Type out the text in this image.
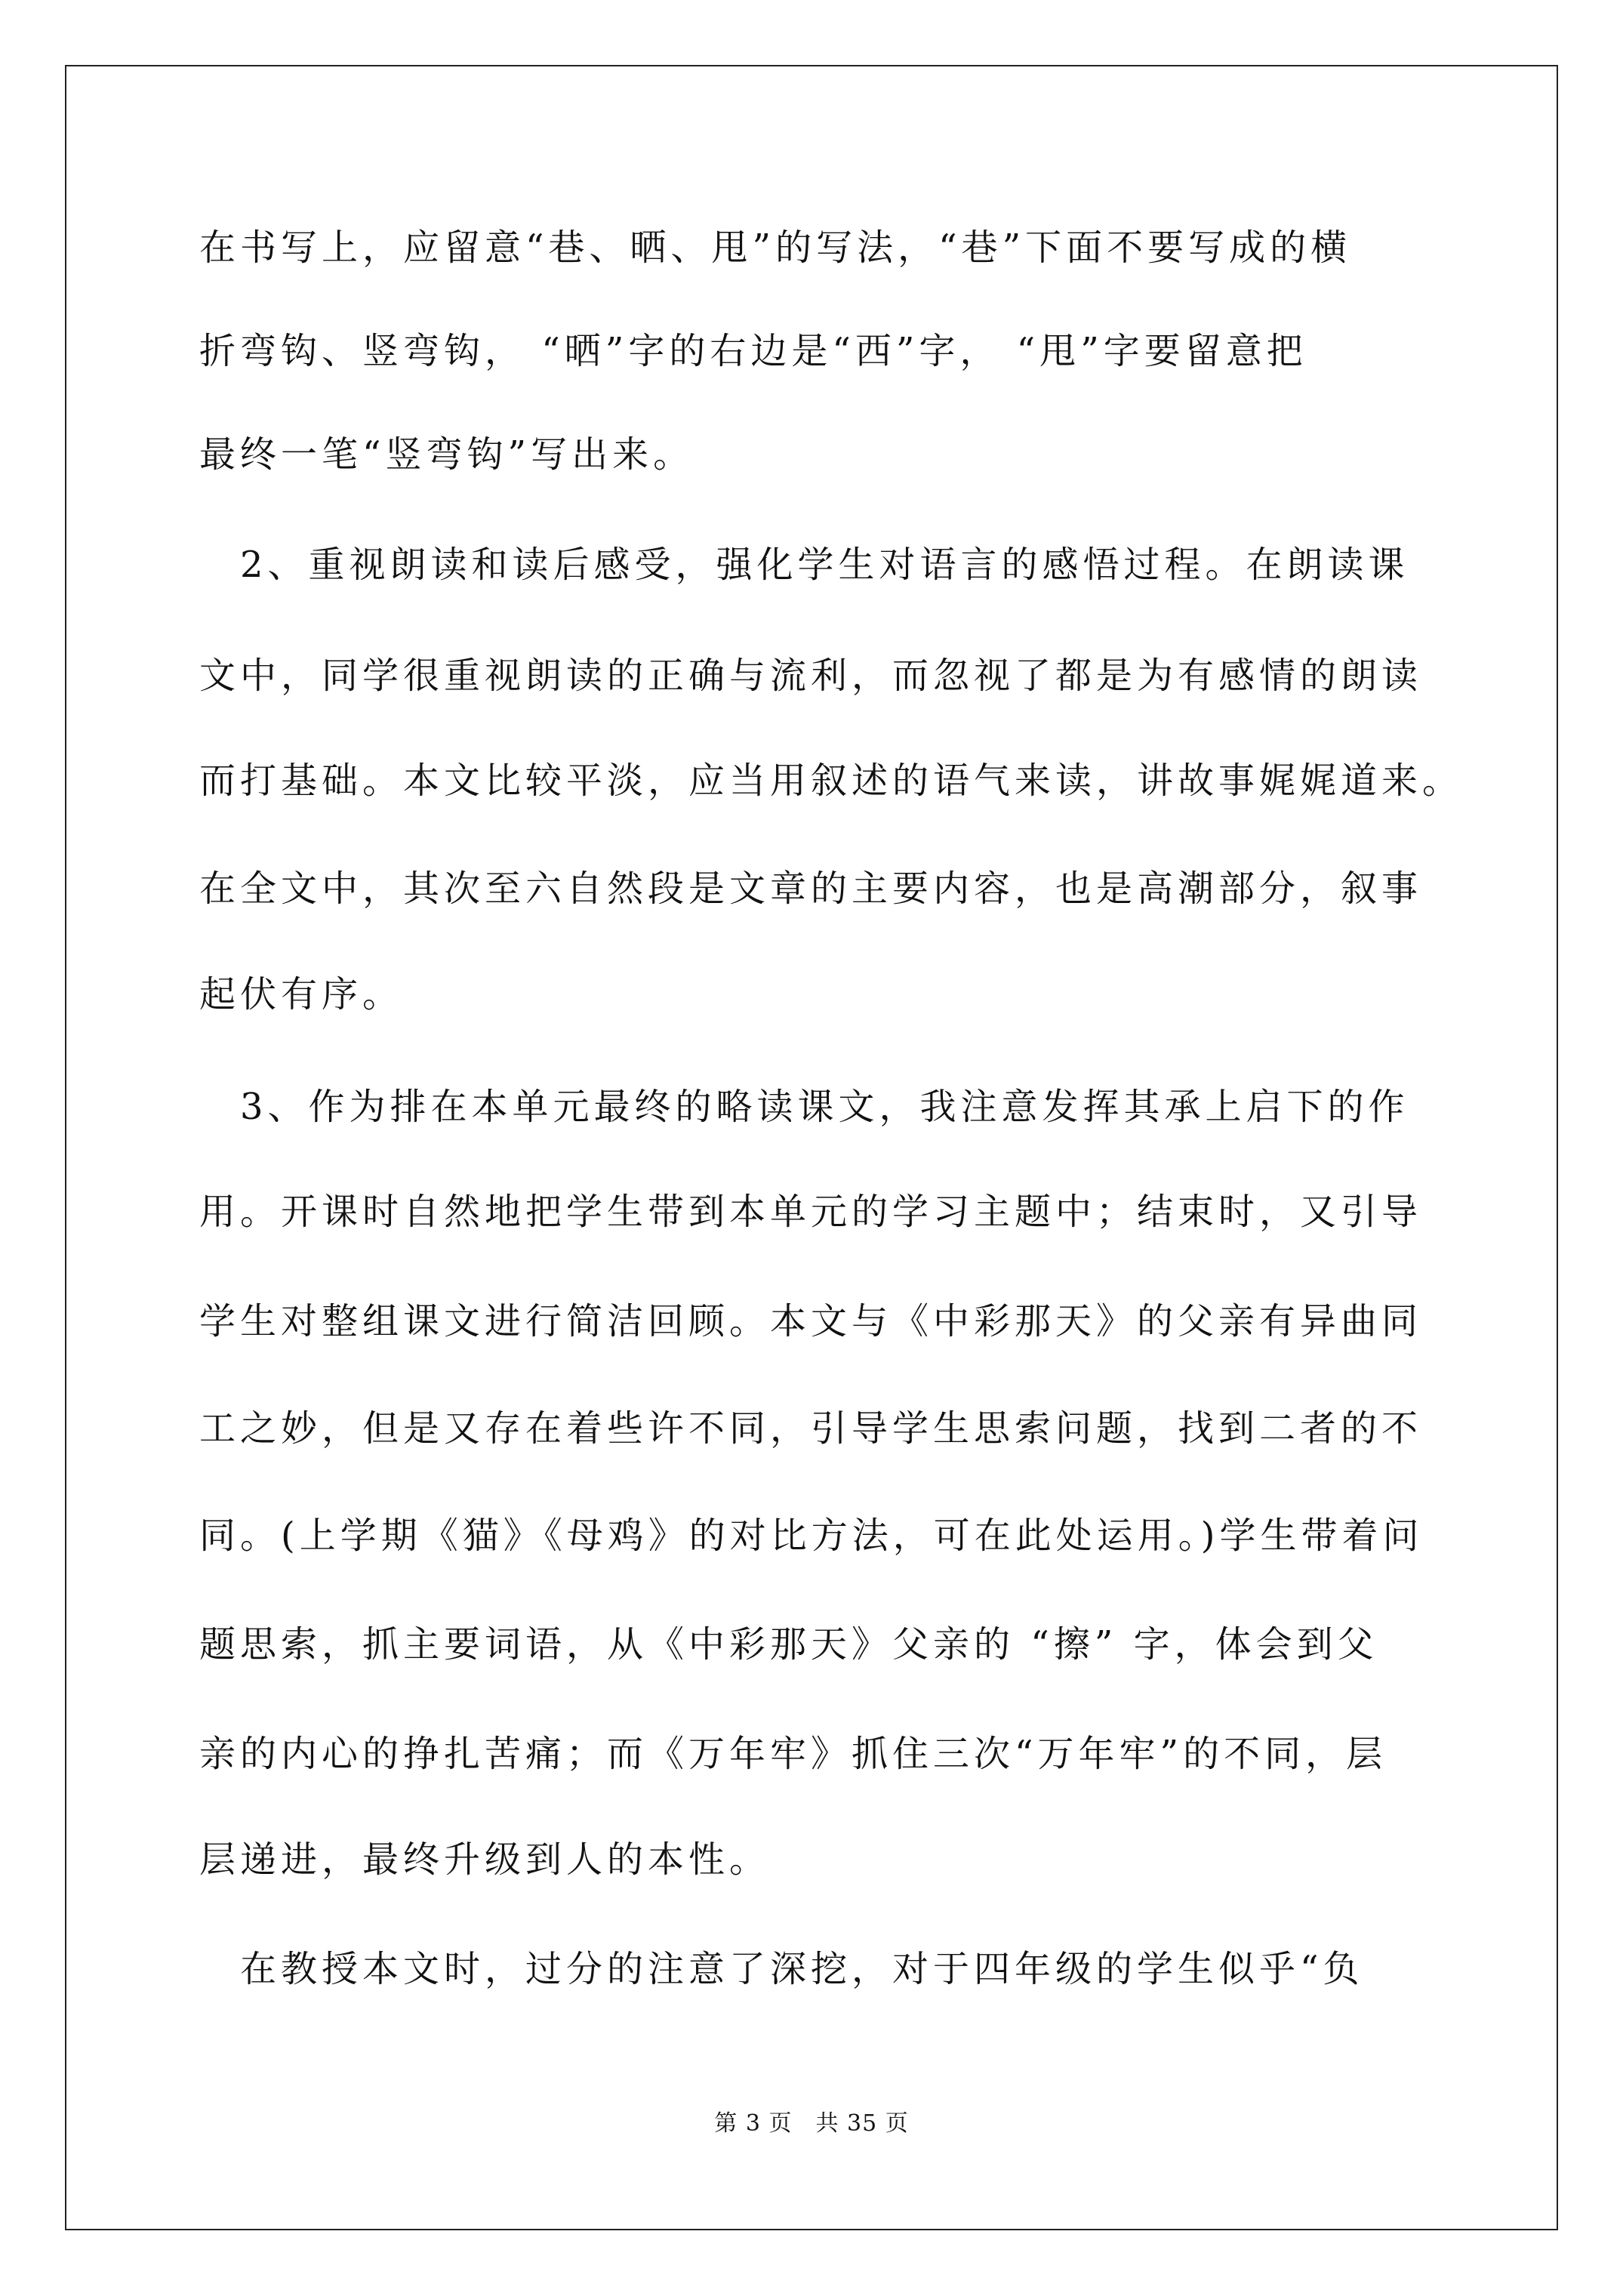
在书写上，应留意“巷、晒、甩”的写法，“巷”下面不要写成的横
折弯钩、竖弯钩， “晒”字的右边是“西”字， “甩”字要留意把
最终一笔“竖弯钩”写出来。
　2、重视朗读和读后感受，强化学生对语言的感悟过程。在朗读课
文中，同学很重视朗读的正确与流利，而忽视了都是为有感情的朗读
而打基础。本文比较平淡，应当用叙述的语气来读，讲故事娓娓道来。
在全文中，其次至六自然段是文章的主要内容，也是高潮部分，叙事
起伏有序。
　3、作为排在本单元最终的略读课文，我注意发挥其承上启下的作
用。开课时自然地把学生带到本单元的学习主题中；结束时，又引导
学生对整组课文进行简洁回顾。本文与《中彩那天》的父亲有异曲同
工之妙，但是又存在着些许不同，引导学生思索问题，找到二者的不
同。(上学期《猫》《母鸡》的对比方法，可在此处运用。)学生带着问
题思索，抓主要词语，从《中彩那天》父亲的 “擦” 字，体会到父
亲的内心的挣扎苦痛；而《万年牢》抓住三次“万年牢”的不同，层
层递进，最终升级到人的本性。
　在教授本文时，过分的注意了深挖，对于四年级的学生似乎“负
第 3 页　共 35 页
